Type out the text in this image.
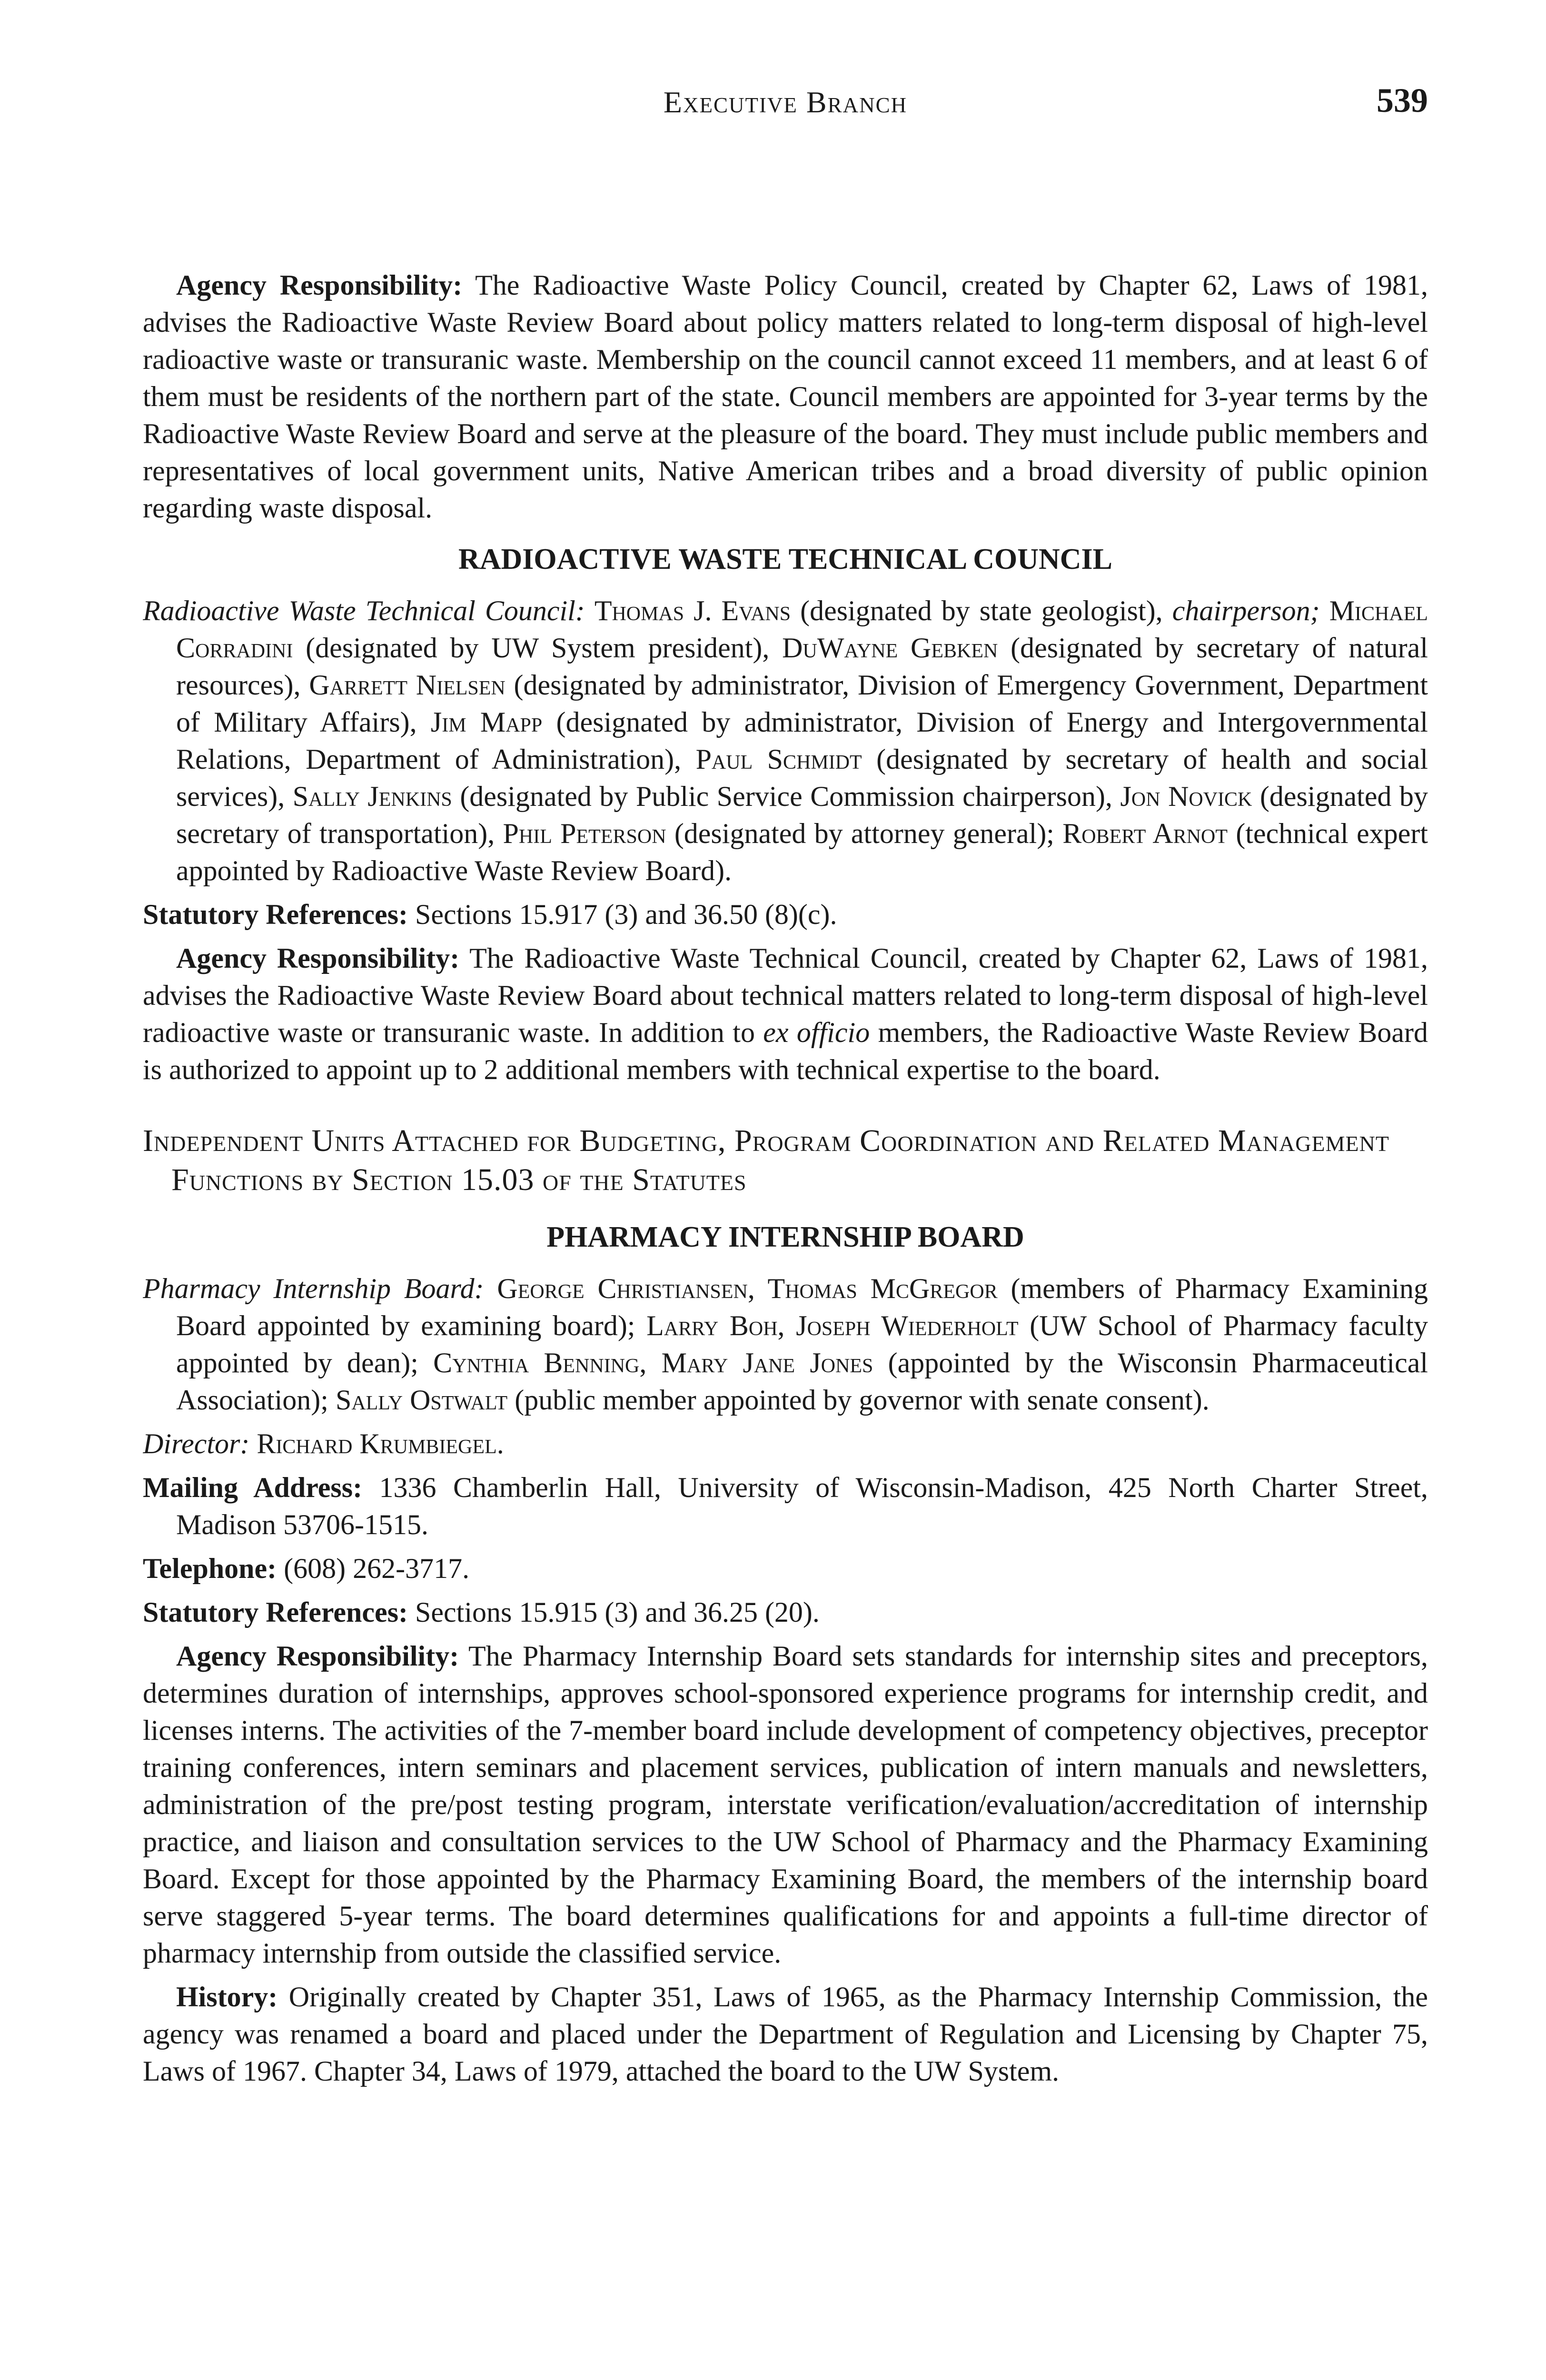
Executive Branch	539

Agency Responsibility: The Radioactive Waste Policy Council, created by Chapter 62, Laws of 1981, advises the Radioactive Waste Review Board about policy matters related to long-term disposal of high-level radioactive waste or transuranic waste. Membership on the council cannot exceed 11 members, and at least 6 of them must be residents of the northern part of the state. Council members are appointed for 3-year terms by the Radioactive Waste Review Board and serve at the pleasure of the board. They must include public members and representatives of local government units, Native American tribes and a broad diversity of public opinion regarding waste disposal.

RADIOACTIVE WASTE TECHNICAL COUNCIL

Radioactive Waste Technical Council: Thomas J. Evans (designated by state geologist), chairperson; Michael Corradini (designated by UW System president), DuWayne Gebken (designated by secretary of natural resources), Garrett Nielsen (designated by administrator, Division of Emergency Government, Department of Military Affairs), Jim Mapp (designated by administrator, Division of Energy and Intergovernmental Relations, Department of Administration), Paul Schmidt (designated by secretary of health and social services), Sally Jenkins (designated by Public Service Commission chairperson), Jon Novick (designated by secretary of transportation), Phil Peterson (designated by attorney general); Robert Arnot (technical expert appointed by Radioactive Waste Review Board).

Statutory References: Sections 15.917 (3) and 36.50 (8)(c).

Agency Responsibility: The Radioactive Waste Technical Council, created by Chapter 62, Laws of 1981, advises the Radioactive Waste Review Board about technical matters related to long-term disposal of high-level radioactive waste or transuranic waste. In addition to ex officio members, the Radioactive Waste Review Board is authorized to appoint up to 2 additional members with technical expertise to the board.

Independent Units Attached for Budgeting, Program Coordination and Related Management Functions by Section 15.03 of the Statutes
PHARMACY INTERNSHIP BOARD

Pharmacy Internship Board: George Christiansen, Thomas McGregor (members of Pharmacy Examining Board appointed by examining board); Larry Boh, Joseph Wiederholt (UW School of Pharmacy faculty appointed by dean); Cynthia Benning, Mary Jane Jones (appointed by the Wisconsin Pharmaceutical Association); Sally Ostwalt (public member appointed by governor with senate consent).

Director: Richard Krumbiegel.

Mailing Address: 1336 Chamberlin Hall, University of Wisconsin-Madison, 425 North Charter Street, Madison 53706-1515.

Telephone: (608) 262-3717.

Statutory References: Sections 15.915 (3) and 36.25 (20).

Agency Responsibility: The Pharmacy Internship Board sets standards for internship sites and preceptors, determines duration of internships, approves school-sponsored experience programs for internship credit, and licenses interns. The activities of the 7-member board include development of competency objectives, preceptor training conferences, intern seminars and placement services, publication of intern manuals and newsletters, administration of the pre/post testing program, interstate verification/evaluation/accreditation of internship practice, and liaison and consultation services to the UW School of Pharmacy and the Pharmacy Examining Board. Except for those appointed by the Pharmacy Examining Board, the members of the internship board serve staggered 5-year terms. The board determines qualifications for and appoints a full-time director of pharmacy internship from outside the classified service.

History: Originally created by Chapter 351, Laws of 1965, as the Pharmacy Internship Commission, the agency was renamed a board and placed under the Department of Regulation and Licensing by Chapter 75, Laws of 1967. Chapter 34, Laws of 1979, attached the board to the UW System.
